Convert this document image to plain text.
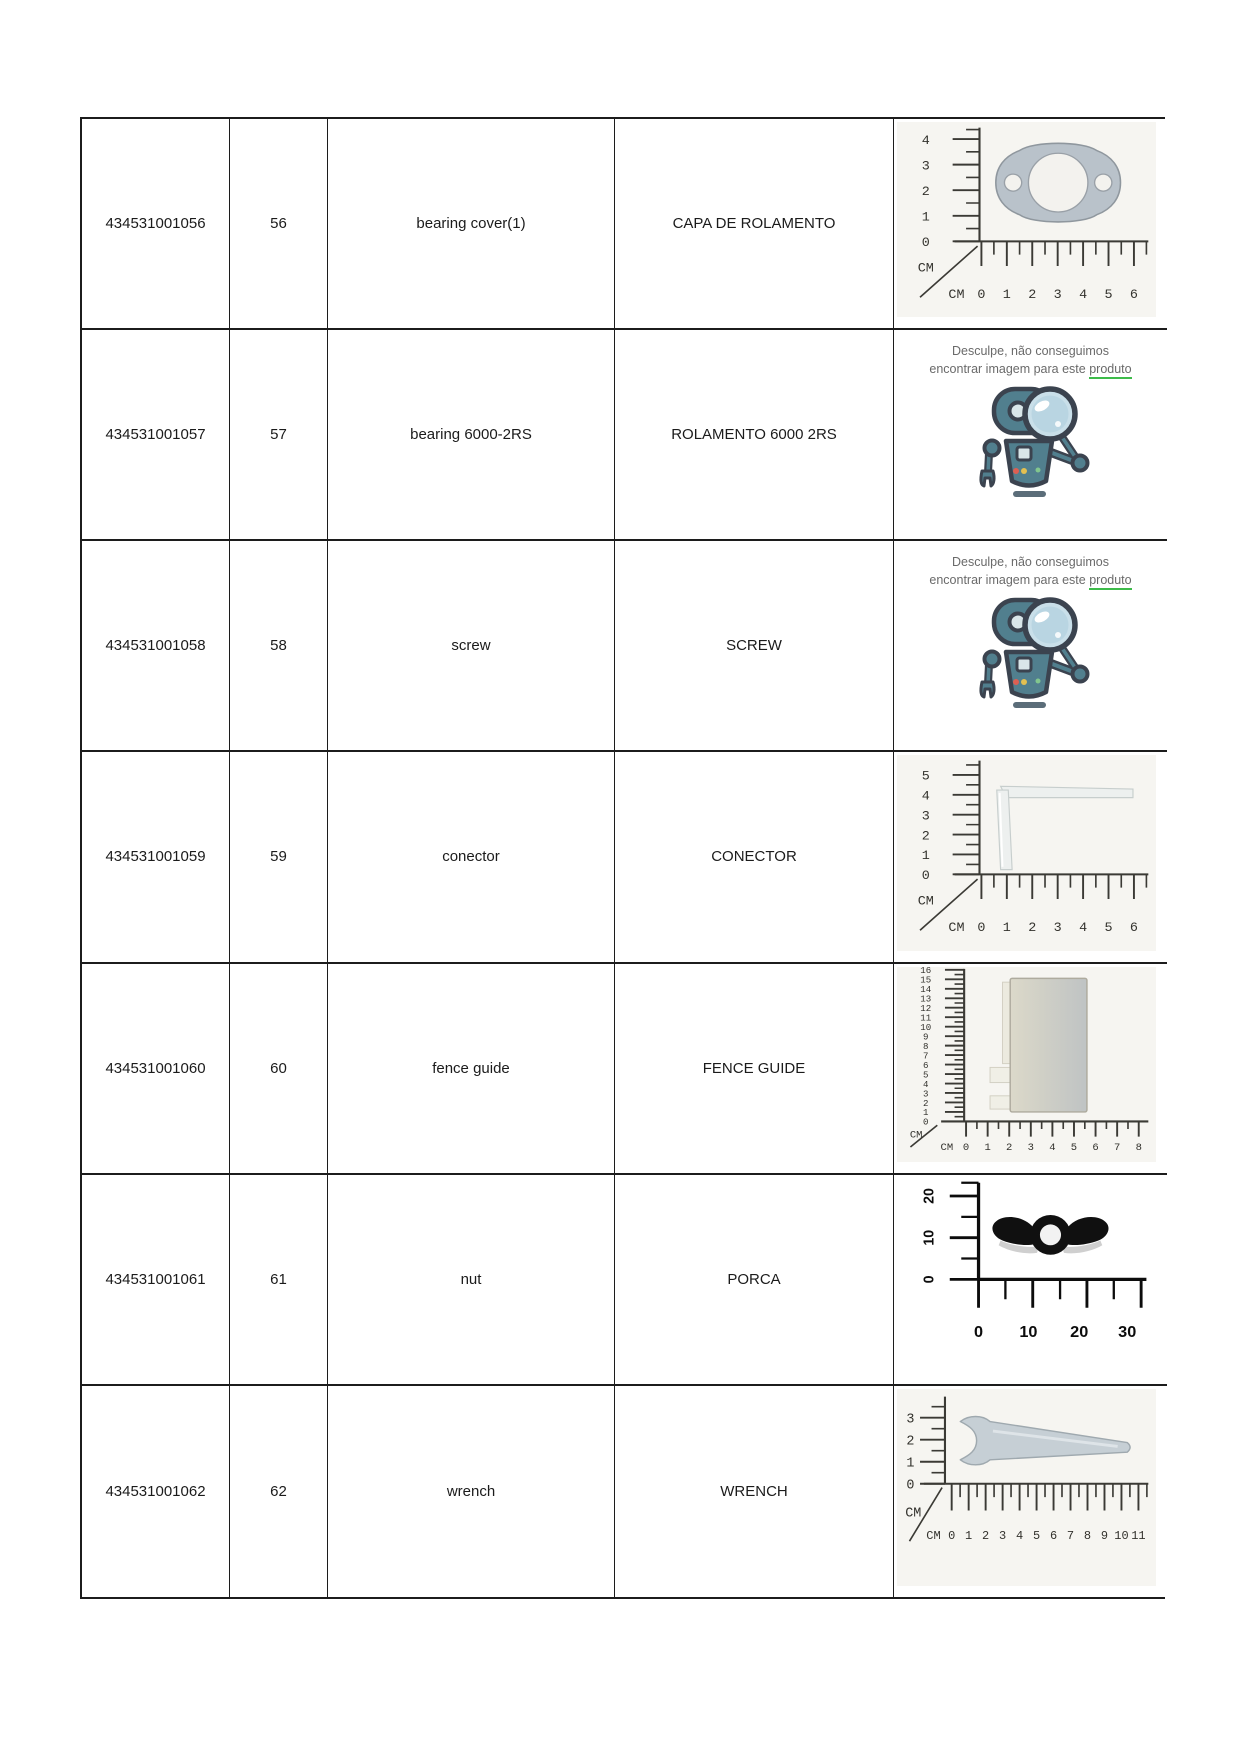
434531001056	56	bearing cover(1)	CAPA DE ROLAMENTO
4
3
2
1
0
CM
CM 0 1 2 3 4 5 6
434531001057	57	bearing 6000-2RS	ROLAMENTO 6000 2RS
Desculpe, não conseguimos
encontrar imagem para este produto
434531001058	58	screw	SCREW
Desculpe, não conseguimos
encontrar imagem para este produto
434531001059	59	conector	CONECTOR
5
4
3
2
1
0
CM
CM 0 1 2 3 4 5 6
434531001060	60	fence guide	FENCE GUIDE
16
15
14
13
12
11
10
9
8
7
6
5
4
3
2
1
0
CM
CM 0 1 2 3 4 5 6 7 8
434531001061	61	nut	PORCA
20
10
0
0 10 20 30
434531001062	62	wrench	WRENCH
3
2
1
0
CM
CM 0 1 2 3 4 5 6 7 8 9 10 11
